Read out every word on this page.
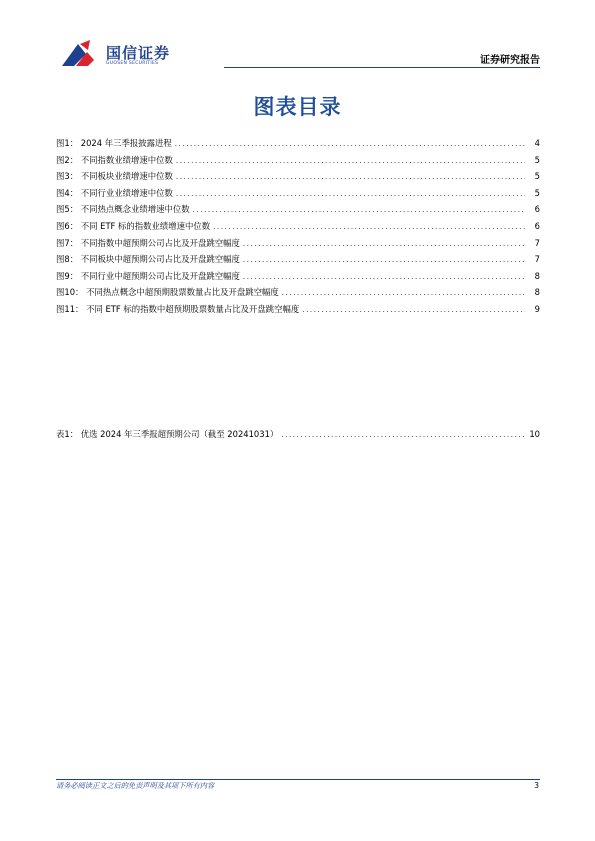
国信证券
GUOSEN SECURITIES	证券研究报告
图表目录
图1： 2024 年三季报披露进程 .....	4
图2： 不同指数业绩增速中位数 .....	5
图3： 不同板块业绩增速中位数 .....	5
图4： 不同行业业绩增速中位数 .....	5
图5： 不同热点概念业绩增速中位数 .....	6
图6： 不同 ETF 标的指数业绩增速中位数 .....	6
图7： 不同指数中超预期公司占比及开盘跳空幅度 .....	7
图8： 不同板块中超预期公司占比及开盘跳空幅度 .....	7
图9： 不同行业中超预期公司占比及开盘跳空幅度 .....	8
图10： 不同热点概念中超预期股票数量占比及开盘跳空幅度 .....	8
图11： 不同 ETF 标的指数中超预期股票数量占比及开盘跳空幅度 .....	9
表1： 优选 2024 年三季报超预期公司（截至 20241031） .....	10
请务必阅读正文之后的免责声明及其项下所有内容	3
